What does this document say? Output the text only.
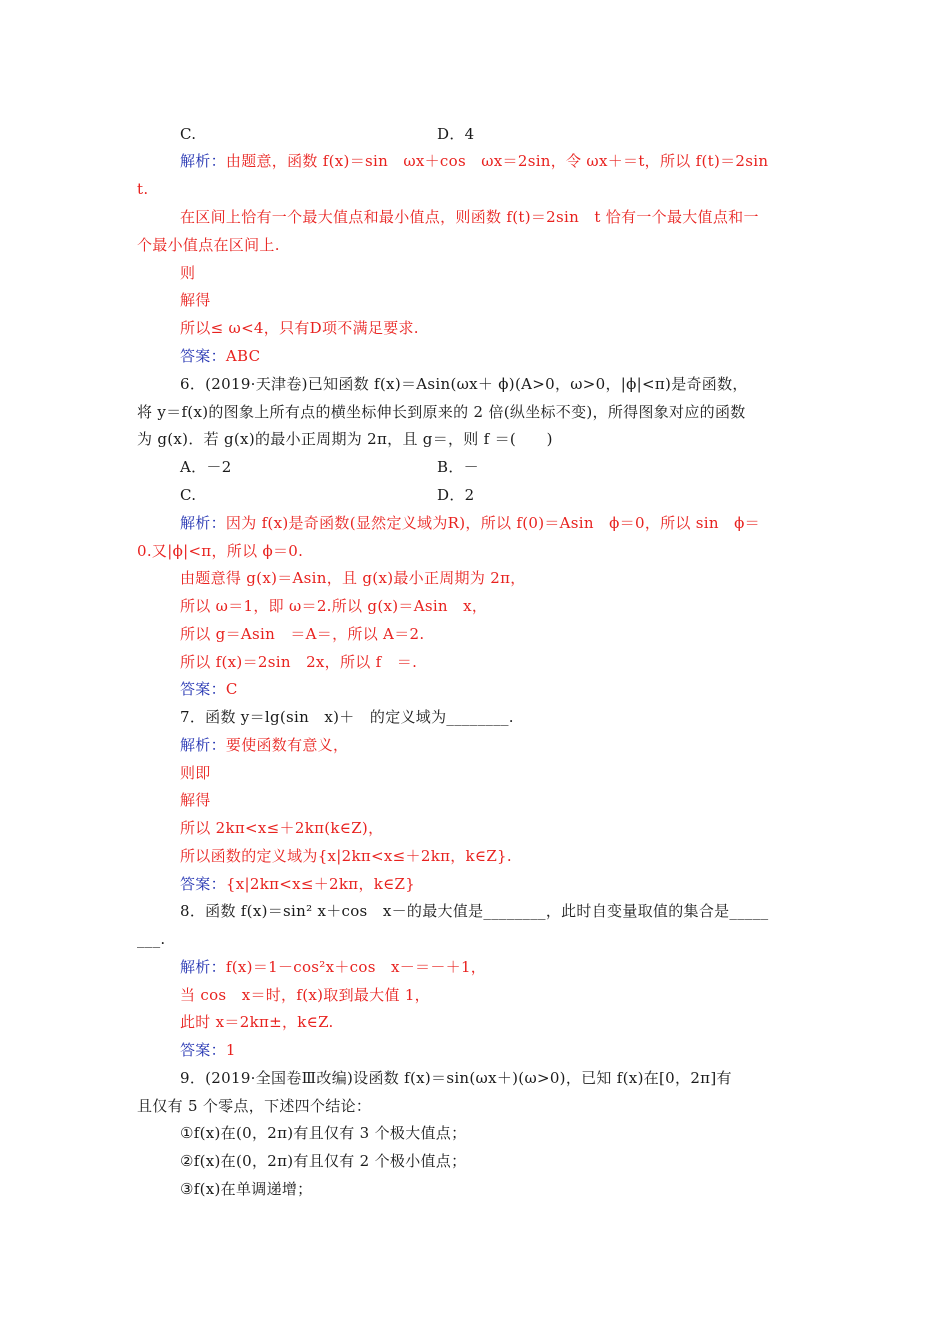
C.	D．4
解析：由题意，函数 f(x)＝sin　ωx＋cos　ωx＝2sin，令 ωx＋＝t，所以 f(t)＝2sin
t.
在区间上恰有一个最大值点和最小值点，则函数 f(t)＝2sin　t 恰有一个最大值点和一
个最小值点在区间上.
则
解得
所以≤ ω<4，只有D项不满足要求.
答案：ABC
6．(2019·天津卷)已知函数 f(x)＝Asin(ωx＋ ϕ)(A>0，ω>0，|ϕ|<π)是奇函数，
将 y＝f(x)的图象上所有点的横坐标伸长到原来的 2 倍(纵坐标不变)，所得图象对应的函数
为 g(x)．若 g(x)的最小正周期为 2π，且 g＝，则 f ＝(　　)
A．－2	B．－
C.	D．2
解析：因为 f(x)是奇函数(显然定义域为R)，所以 f(0)＝Asin　ϕ＝0，所以 sin　ϕ＝
0.又|ϕ|<π，所以 ϕ＝0.
由题意得 g(x)＝Asin，且 g(x)最小正周期为 2π，
所以 ω＝1，即 ω＝2.所以 g(x)＝Asin　x，
所以 g＝Asin　＝A＝，所以 A＝2.
所以 f(x)＝2sin　2x，所以 f　＝.
答案：C
7．函数 y＝lg(sin　x)＋　的定义域为________.
解析：要使函数有意义，
则即
解得
所以 2kπ<x≤＋2kπ(k∈Z)，
所以函数的定义域为{x|2kπ<x≤＋2kπ，k∈Z}.
答案：{x|2kπ<x≤＋2kπ，k∈Z}
8．函数 f(x)＝sin² x＋cos　x－的最大值是________，此时自变量取值的集合是_____
___.
解析：f(x)＝1－cos²x＋cos　x－＝－＋1，
当 cos　x＝时，f(x)取到最大值 1，
此时 x＝2kπ±，k∈Z.
答案：1
9．(2019·全国卷Ⅲ改编)设函数 f(x)＝sin(ωx＋)(ω>0)，已知 f(x)在[0，2π]有
且仅有 5 个零点，下述四个结论：
①f(x)在(0，2π)有且仅有 3 个极大值点；
②f(x)在(0，2π)有且仅有 2 个极小值点；
③f(x)在单调递增；
